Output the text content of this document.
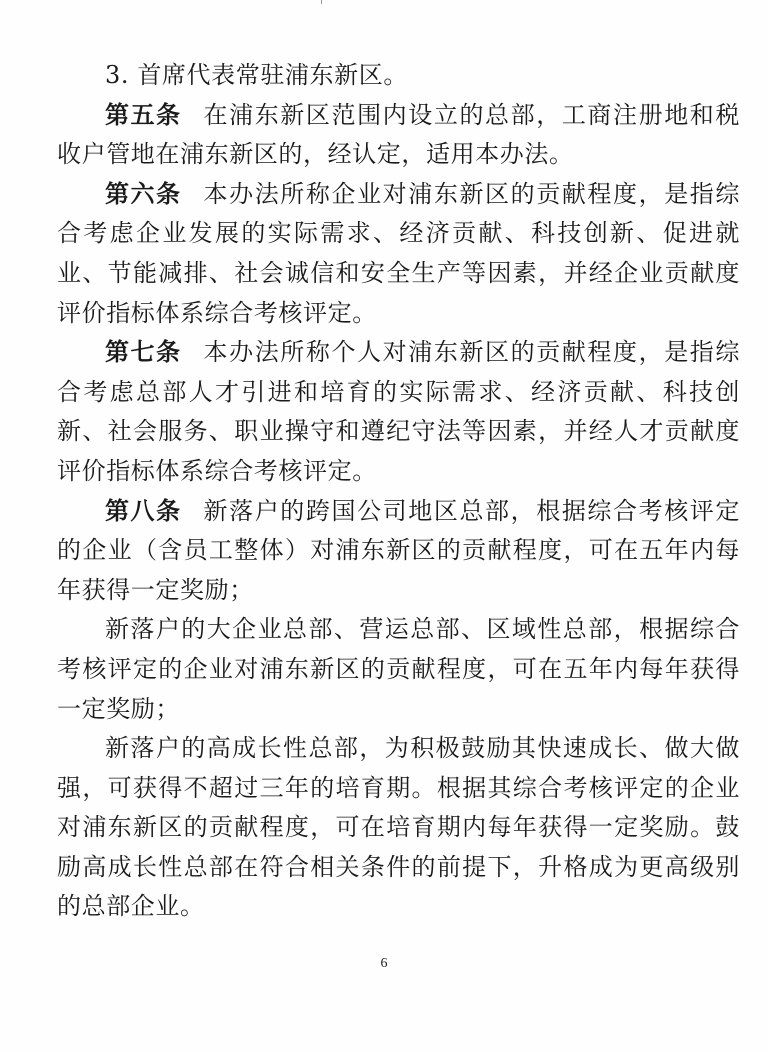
3. 首席代表常驻浦东新区。

第五条 在浦东新区范围内设立的总部，工商注册地和税收户管地在浦东新区的，经认定，适用本办法。

第六条 本办法所称企业对浦东新区的贡献程度，是指综合考虑企业发展的实际需求、经济贡献、科技创新、促进就业、节能减排、社会诚信和安全生产等因素，并经企业贡献度评价指标体系综合考核评定。

第七条 本办法所称个人对浦东新区的贡献程度，是指综合考虑总部人才引进和培育的实际需求、经济贡献、科技创新、社会服务、职业操守和遵纪守法等因素，并经人才贡献度评价指标体系综合考核评定。

第八条 新落户的跨国公司地区总部，根据综合考核评定的企业（含员工整体）对浦东新区的贡献程度，可在五年内每年获得一定奖励；

新落户的大企业总部、营运总部、区域性总部，根据综合考核评定的企业对浦东新区的贡献程度，可在五年内每年获得一定奖励；

新落户的高成长性总部，为积极鼓励其快速成长、做大做强，可获得不超过三年的培育期。根据其综合考核评定的企业对浦东新区的贡献程度，可在培育期内每年获得一定奖励。鼓励高成长性总部在符合相关条件的前提下，升格成为更高级别的总部企业。

6
